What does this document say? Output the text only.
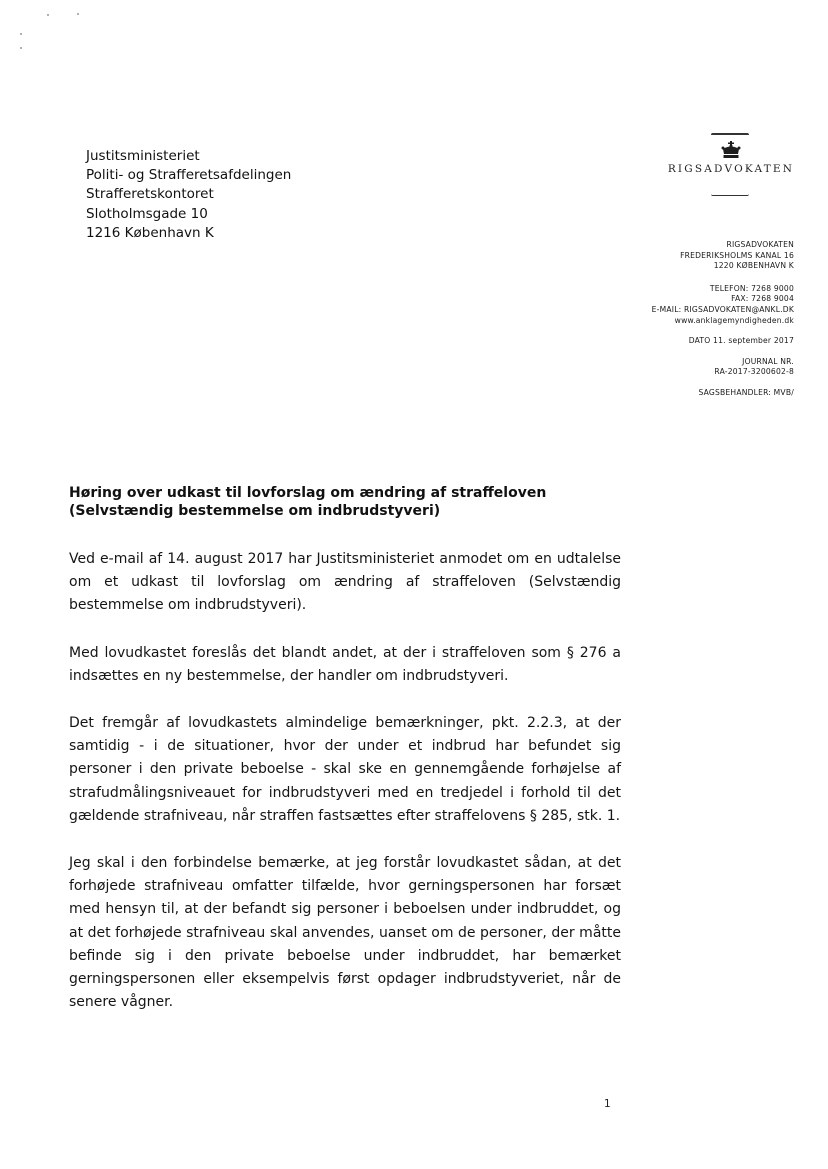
Justitsministeriet
Politi- og Strafferetsafdelingen
Strafferetskontoret
Slotholmsgade 10
1216 København K
RIGSADVOKATEN
RIGSADVOKATEN
FREDERIKSHOLMS KANAL 16
1220 KØBENHAVN K
TELEFON: 7268 9000
FAX: 7268 9004
E-MAIL: RIGSADVOKATEN@ANKL.DK
www.anklagemyndigheden.dk
DATO 11. september 2017
JOURNAL NR.
RA-2017-3200602-8
SAGSBEHANDLER: MVB/
Høring over udkast til lovforslag om ændring af straffeloven (Selvstændig bestemmelse om indbrudstyveri)

Ved e-mail af 14. august 2017 har Justitsministeriet anmodet om en udtalelse om et udkast til lovforslag om ændring af straffeloven (Selvstændig bestemmelse om indbrudstyveri).

Med lovudkastet foreslås det blandt andet, at der i straffeloven som § 276 a indsættes en ny bestemmelse, der handler om indbrudstyveri.

Det fremgår af lovudkastets almindelige bemærkninger, pkt. 2.2.3, at der samtidig - i de situationer, hvor der under et indbrud har befundet sig personer i den private beboelse - skal ske en gennemgående forhøjelse af strafudmålingsniveauet for indbrudstyveri med en tredjedel i forhold til det gældende strafniveau, når straffen fastsættes efter straffelovens § 285, stk. 1.

Jeg skal i den forbindelse bemærke, at jeg forstår lovudkastet sådan, at det forhøjede strafniveau omfatter tilfælde, hvor gerningspersonen har forsæt med hensyn til, at der befandt sig personer i beboelsen under indbruddet, og at det forhøjede strafniveau skal anvendes, uanset om de personer, der måtte befinde sig i den private beboelse under indbruddet, har bemærket gerningspersonen eller eksempelvis først opdager indbrudstyveriet, når de senere vågner.

1
